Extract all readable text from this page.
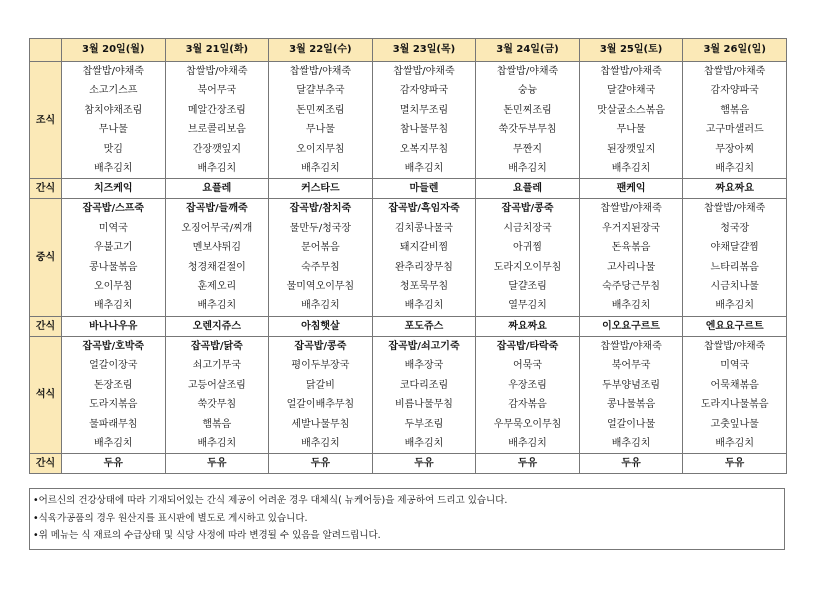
	3월 20일(월)	3월 21일(화)	3월 22일(수)	3월 23일(목)	3월 24일(금)	3월 25일(토)	3월 26일(일)
조식	찹쌀밥/야채죽	찹쌀밥/야채죽	찹쌀밥/야채죽	찹쌀밥/야채죽	찹쌀밥/야채죽	찹쌀밥/야채죽	찹쌀밥/야채죽
	소고기스프	북어무국	달걀부추국	감자양파국	숭늉	달걀야채국	감자양파국
	참치야채조림	메알간장조림	돈민찌조림	멸치무조림	돈민찌조림	맛살굴소스볶음	햄볶음
	무나물	브로콜리보음	무나물	참나물무침	쑥갓두부무침	무나물	고구마샐러드
	맛김	간장깻잎지	오이지무침	오복지무침	무짠지	된장깻잎지	무장아찌
	배추김치	배추김치	배추김치	배추김치	배추김치	배추김치	배추김치
간식	치즈케익	요플레	커스타드	마들렌	요플레	팬케익	짜요짜요
중식	잡곡밥/스프죽	잡곡밥/들깨죽	잡곡밥/참치죽	잡곡밥/흑임자죽	잡곡밥/콩죽	찹쌀밥/야채죽	찹쌀밥/야채죽
	미역국	오징어무국/찌개	물만두/청국장	김치콩나물국	시금치장국	우거지된장국	청국장
	우불고기	멘보샤튀김	문어볶음	돼지갈비찜	아귀찜	돈육볶음	야채달걀찜
	콩나물볶음	청경채겉절이	숙주무침	완추리장무침	도라지오이무침	고사리나물	느타리볶음
	오이무침	훈제오리	물미역오이무침	청포묵무침	달걀조림	숙주당근무침	시금치나물
	배추김치	배추김치	배추김치	배추김치	열무김치	배추김치	배추김치
간식	바나나우유	오렌지쥬스	아침햇살	포도쥬스	짜요짜요	이오요구르트	엔요요구르트
석식	잡곡밥/호박죽	잡곡밥/닭죽	잡곡밥/콩죽	잡곡밥/쇠고기죽	잡곡밥/타락죽	찹쌀밥/야채죽	찹쌀밥/야채죽
	얼갈이장국	쇠고기무국	평이두부장국	배추장국	어묵국	북어무국	미역국
	돈장조림	고등어살조림	닭갈비	코다리조림	우장조림	두부양념조림	어묵채볶음
	도라지볶음	쑥갓무침	얼갈이배추무침	비름나물무침	감자볶음	콩나물볶음	도라지나물볶음
	물파래무침	햄볶음	세발나물무침	두부조림	우무묵오이무침	얼갈이나물	고춧잎나물
	배추김치	배추김치	배추김치	배추김치	배추김치	배추김치	배추김치
간식	두유	두유	두유	두유	두유	두유	두유
•어르신의 건강상태에 따라 기재되어있는 간식 제공이 어려운 경우 대체식( 뉴케어등)을 제공하여 드리고 있습니다.
•식육가공품의 경우 원산지를 표시판에 별도로 게시하고 있습니다.
•위 메뉴는 식 재료의 수급상태 및 식당 사정에 따라 변경될 수 있음을 알려드립니다.
